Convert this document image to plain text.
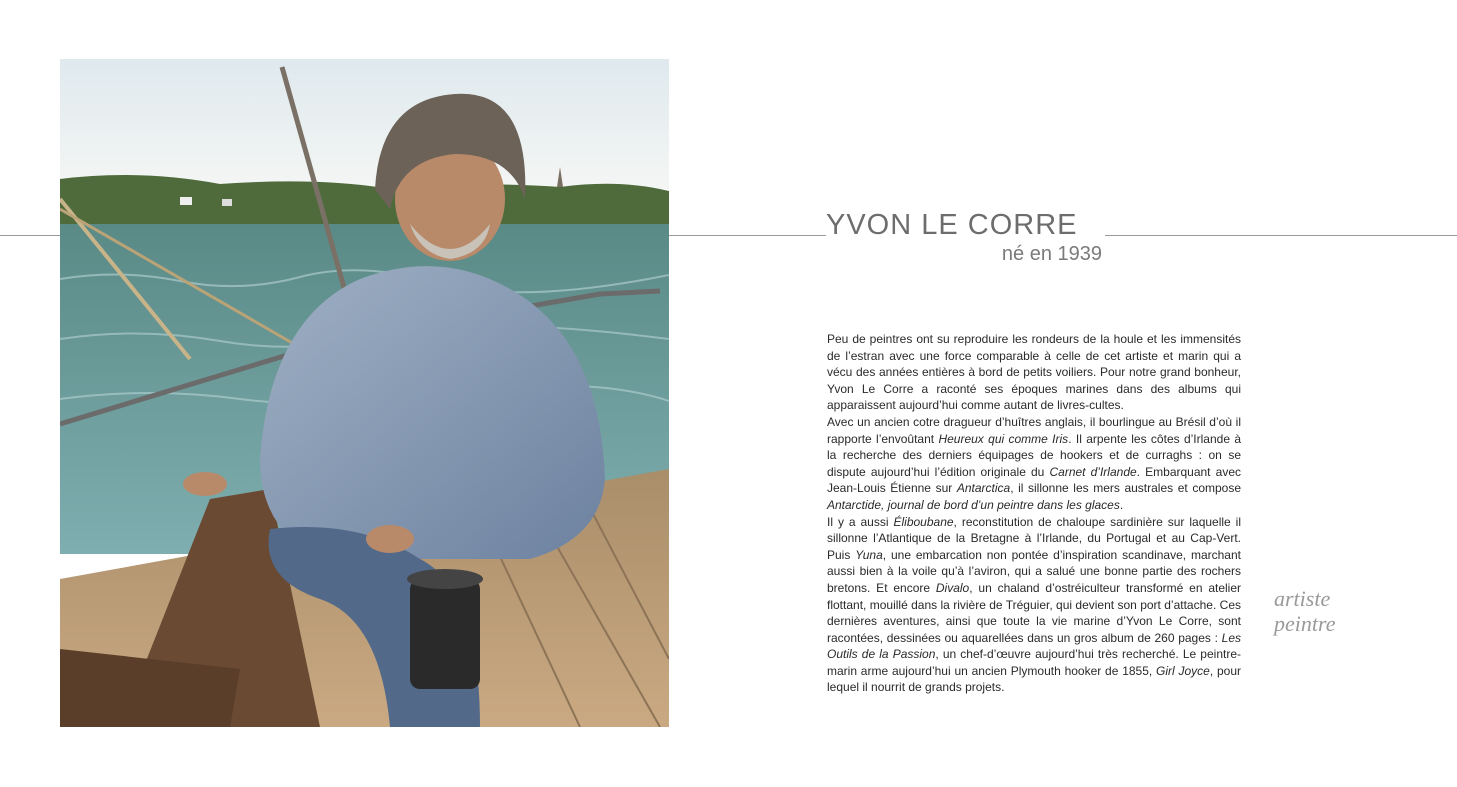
YVON LE CORRE
né en 1939

Peu de peintres ont su reproduire les rondeurs de la houle et les immensités de l’estran avec une force comparable à celle de cet artiste et marin qui a vécu des années entières à bord de petits voiliers. Pour notre grand bonheur, Yvon Le Corre a raconté ses époques marines dans des albums qui apparaissent aujourd’hui comme autant de livres-cultes.

Avec un ancien cotre dragueur d’huîtres anglais, il bourlingue au Brésil d’où il rapporte l’envoûtant Heureux qui comme Iris. Il arpente les côtes d’Irlande à la recherche des derniers équipages de hookers et de curraghs : on se dispute aujourd’hui l’édition originale du Carnet d’Irlande. Embarquant avec Jean-Louis Étienne sur Antarctica, il sillonne les mers australes et compose Antarctide, journal de bord d’un peintre dans les glaces.

Il y a aussi Éliboubane, reconstitution de chaloupe sardinière sur laquelle il sillonne l’Atlantique de la Bretagne à l’Irlande, du Portugal et au Cap-Vert. Puis Yuna, une embarcation non pontée d’inspiration scandinave, marchant aussi bien à la voile qu’à l’aviron, qui a salué une bonne partie des rochers bretons. Et encore Divalo, un chaland d’ostréiculteur transformé en atelier flottant, mouillé dans la rivière de Tréguier, qui devient son port d’attache. Ces dernières aventures, ainsi que toute la vie marine d’Yvon Le Corre, sont racontées, dessinées ou aquarellées dans un gros album de 260 pages : Les Outils de la Passion, un chef-d’œuvre aujourd’hui très recherché. Le peintre-marin arme aujourd’hui un ancien Plymouth hooker de 1855, Girl Joyce, pour lequel il nourrit de grands projets.

artiste
peintre
